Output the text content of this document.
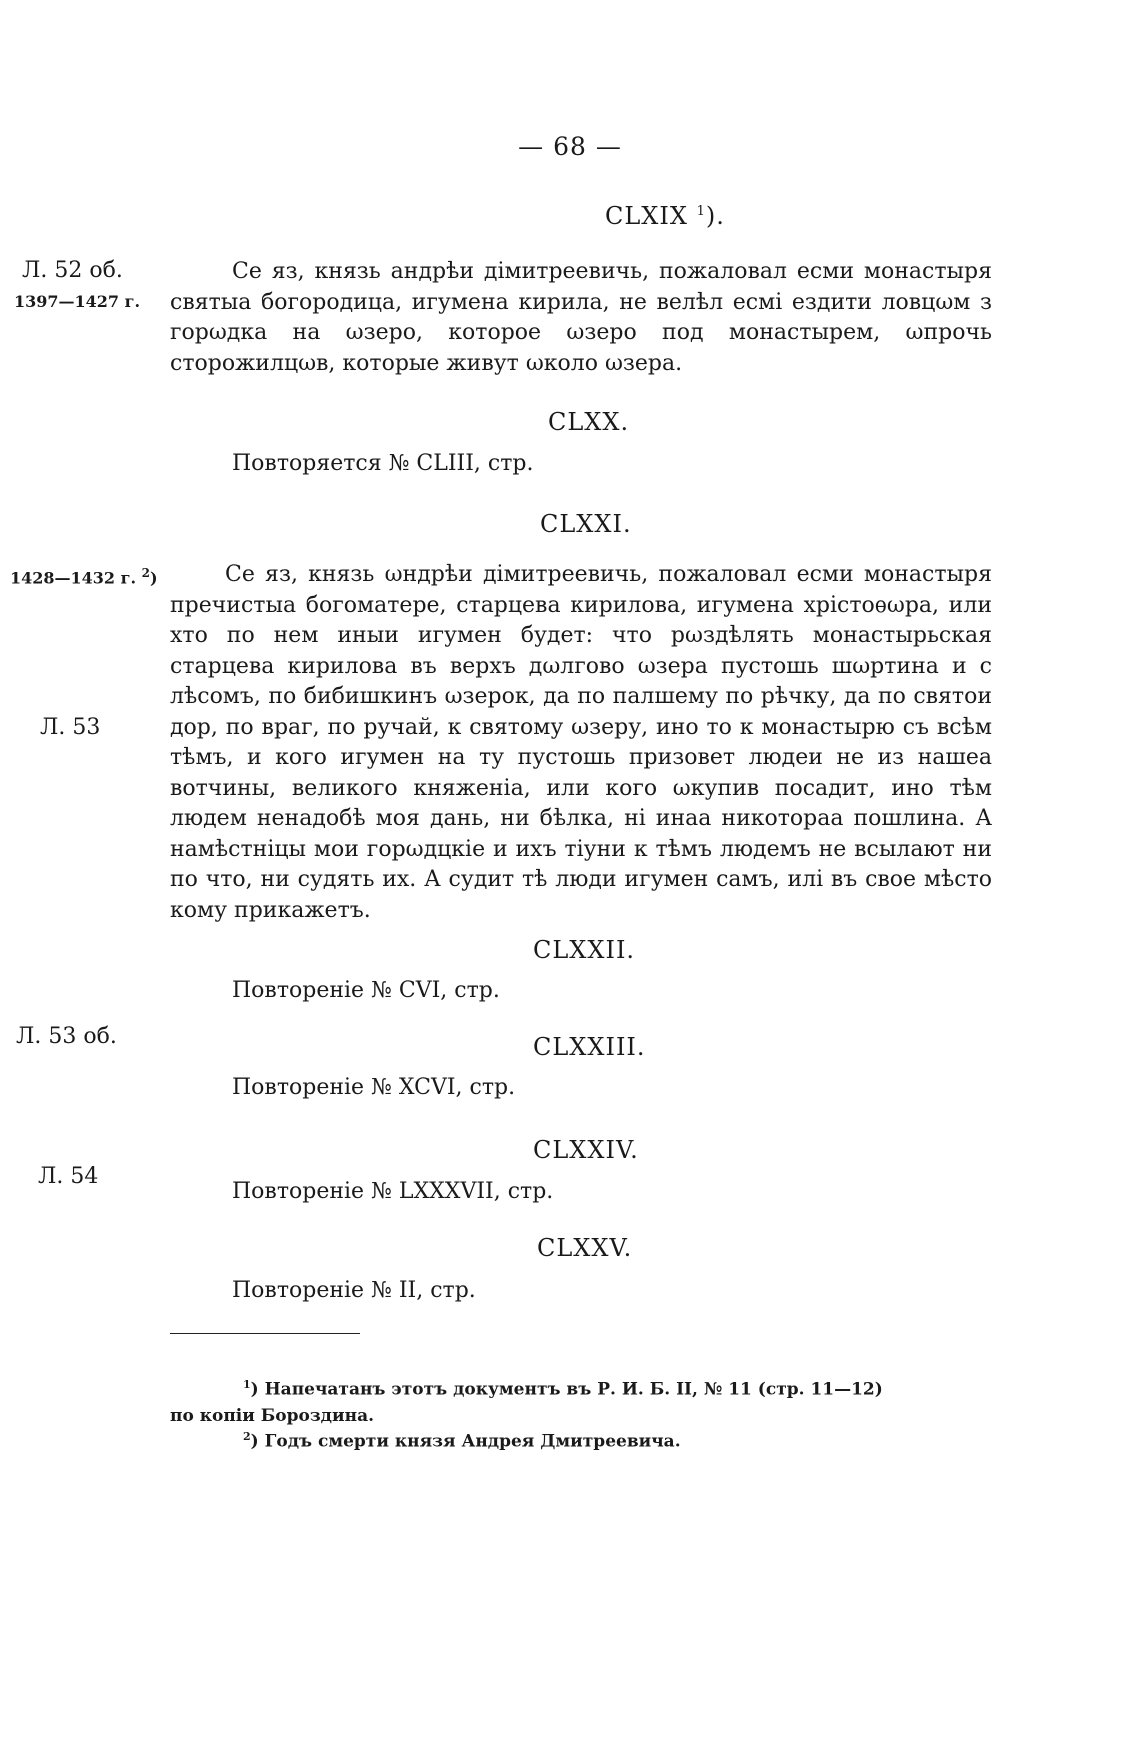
— 68 —
CLXIX $^1$).
Л. 52 об.
1397—1427 г.

Се яз, князь андрѣи дімитреевичь, пожаловал есми монастыря святыа богородица, игумена кирила, не велѣл есмі ездити ловцωм з горωдка на ωзеро, которое ωзеро под монастырем, ωпрочь сторожилцωв, которые живут ωколо ωзера.

CLXX.
Повторяется № CLIII, стр.
CLXXI.
1428—1432 г. $^2$)
Л. 53

Се яз, князь ωндрѣи дімитреевичь, пожаловал есми монастыря пречистыа богоматере, старцева кирилова, игумена хрістоѳωра, или хто по нем иныи игумен будет: что рωздѣлять монастырьская старцева кирилова въ верхъ дωлгово ωзера пустошь шωртина и с лѣсомъ, по бибишкинъ ωзерок, да по палшему по рѣчку, да по святои дор, по враг, по ручай, к святому ωзеру, ино то к монастырю съ всѣм тѣмъ, и кого игумен на ту пустошь призовет людеи не из нашеа вотчины, великого княженіа, или кого ωкупив посадит, ино тѣм людем ненадобѣ моя дань, ни бѣлка, ні инаа никотораа пошлина. А намѣстніцы мои горωдцкіе и ихъ тіуни к тѣмъ людемъ не всылают ни по что, ни судять их. А судит тѣ люди игумен самъ, илі въ свое мѣсто кому прикажетъ.

CLXXII.
Повтореніе № CVI, стр.
CLXXIII.
Л. 53 об.
Повтореніе № XCVI, стр.
CLXXIV.
Л. 54
Повтореніе № LXXXVII, стр.
CLXXV.
Повтореніе № II, стр.
$^1$) Напечатанъ этотъ документъ въ Р. И. Б. II, № 11 (стр. 11—12)
по копіи Бороздина.
$^2$) Годъ смерти князя Андрея Дмитреевича.
